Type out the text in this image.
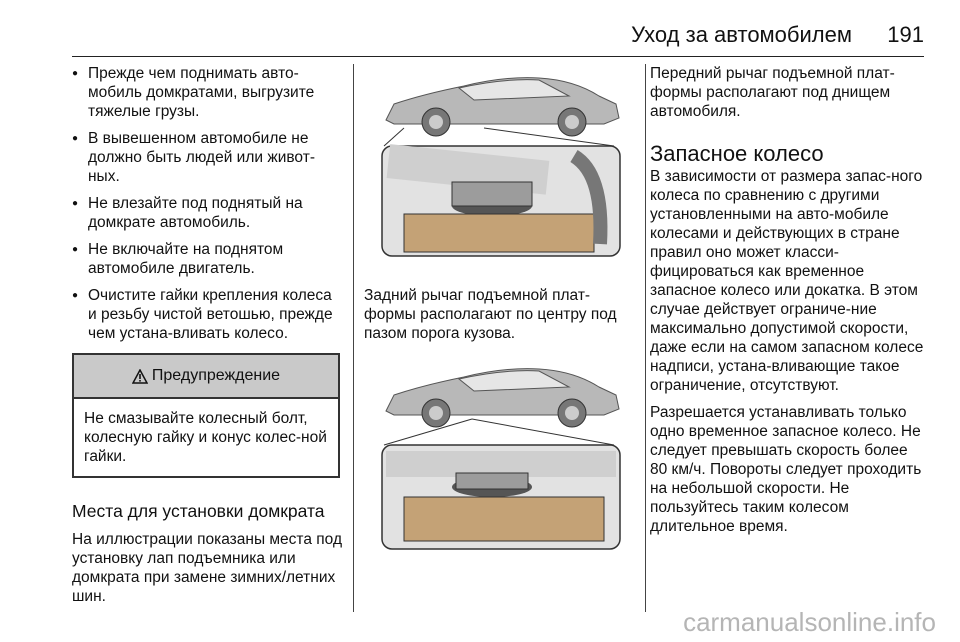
Уход за автомобилем 191
● Прежде чем поднимать авто-мобиль домкратами, выгрузите тяжелые грузы.
● В вывешенном автомобиле не должно быть людей или живот-ных.
● Не влезайте под поднятый на домкрате автомобиль.
● Не включайте на поднятом автомобиле двигатель.
● Очистите гайки крепления колеса и резьбу чистой ветошью, прежде чем устана-вливать колесо.
Предупреждение
Не смазывайте колесный болт, колесную гайку и конус колес-ной гайки.
Места для установки домкрата

На иллюстрации показаны места под установку лап подъемника или домкрата при замене зимних/летних шин.

Задний рычаг подъемной плат-формы располагают по центру под пазом порога кузова.

Передний рычаг подъемной плат-формы располагают под днищем автомобиля.

Запасное колесо

В зависимости от размера запас-ного колеса по сравнению с другими установленными на авто-мобиле колесами и действующих в стране правил оно может класси-фицироваться как временное запасное колесо или докатка. В этом случае действует ограниче-ние максимально допустимой скорости, даже если на самом запасном колесе надписи, устана-вливающие такое ограничение, отсутствуют.

Разрешается устанавливать только одно временное запасное колесо. Не следует превышать скорость более 80 км/ч. Повороты следует проходить на небольшой скорости. Не пользуйтесь таким колесом длительное время.

carmanualsonline.info
